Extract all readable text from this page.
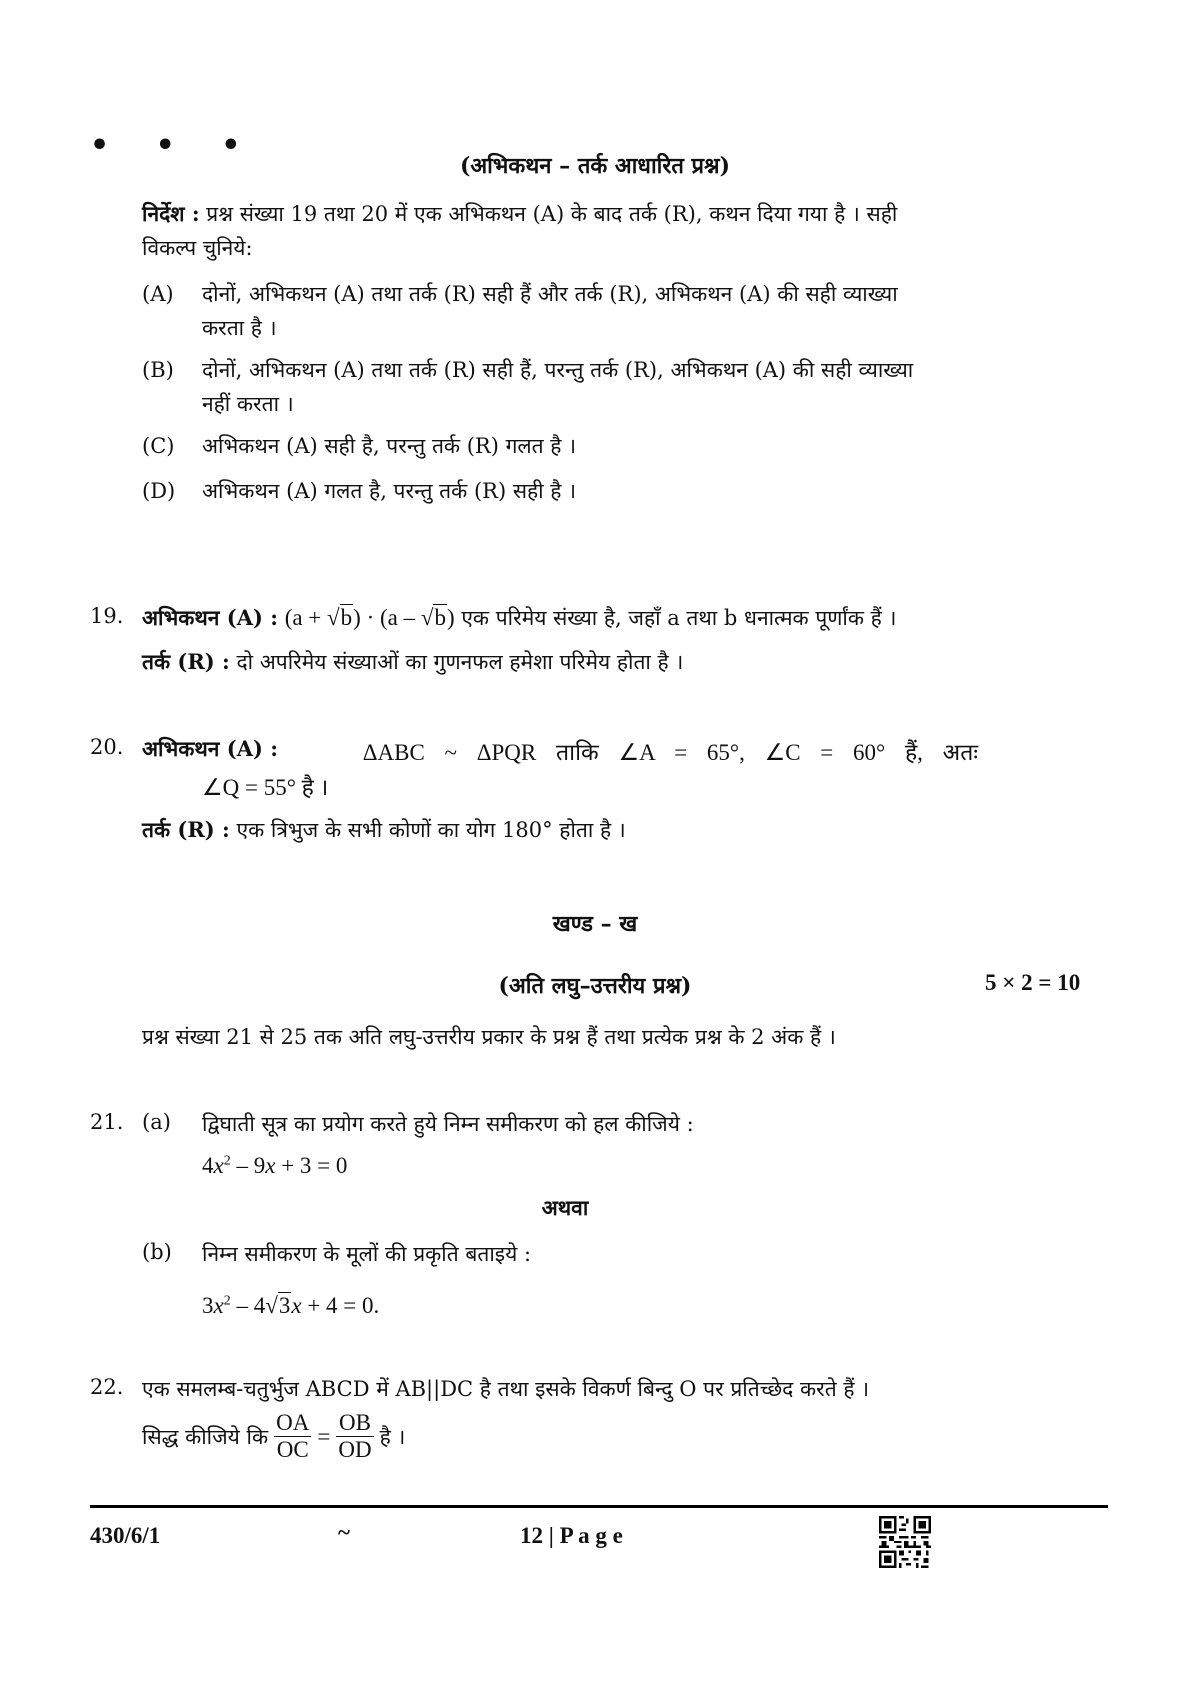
• • •
(अभिकथन – तर्क आधारित प्रश्न)
निर्देश : प्रश्न संख्या 19 तथा 20 में एक अभिकथन (A) के बाद तर्क (R), कथन दिया गया है । सही
विकल्प चुनिये:
(A) दोनों, अभिकथन (A) तथा तर्क (R) सही हैं और तर्क (R), अभिकथन (A) की सही व्याख्या
करता है ।
(B) दोनों, अभिकथन (A) तथा तर्क (R) सही हैं, परन्तु तर्क (R), अभिकथन (A) की सही व्याख्या
नहीं करता ।
(C) अभिकथन (A) सही है, परन्तु तर्क (R) गलत है ।
(D) अभिकथन (A) गलत है, परन्तु तर्क (R) सही है ।
19. अभिकथन (A) : (a + √b) · (a – √b) एक परिमेय संख्या है, जहाँ a तथा b धनात्मक पूर्णांक हैं ।
तर्क (R) : दो अपरिमेय संख्याओं का गुणनफल हमेशा परिमेय होता है ।
20. अभिकथन (A) :	ΔABC ~ ΔPQR ताकि ∠A = 65°, ∠C = 60° हैं, अतः
∠Q = 55° है ।
तर्क (R) : एक त्रिभुज के सभी कोणों का योग 180° होता है ।
खण्ड – ख
(अति लघु–उत्तरीय प्रश्न)	5 × 2 = 10
प्रश्न संख्या 21 से 25 तक अति लघु-उत्तरीय प्रकार के प्रश्न हैं तथा प्रत्येक प्रश्न के 2 अंक हैं ।
21. (a) द्विघाती सूत्र का प्रयोग करते हुये निम्न समीकरण को हल कीजिये :
$4x^2 - 9x + 3 = 0$
अथवा
(b) निम्न समीकरण के मूलों की प्रकृति बताइये :
$3x^2 - 4√3x + 4 = 0$.
22. एक समलम्ब-चतुर्भुज ABCD में AB||DC है तथा इसके विकर्ण बिन्दु O पर प्रतिच्छेद करते हैं ।
सिद्ध कीजिये कि $\frac{OA}{OC} = \frac{OB}{OD}$ है ।
430/6/1	~	12 | P a g e
